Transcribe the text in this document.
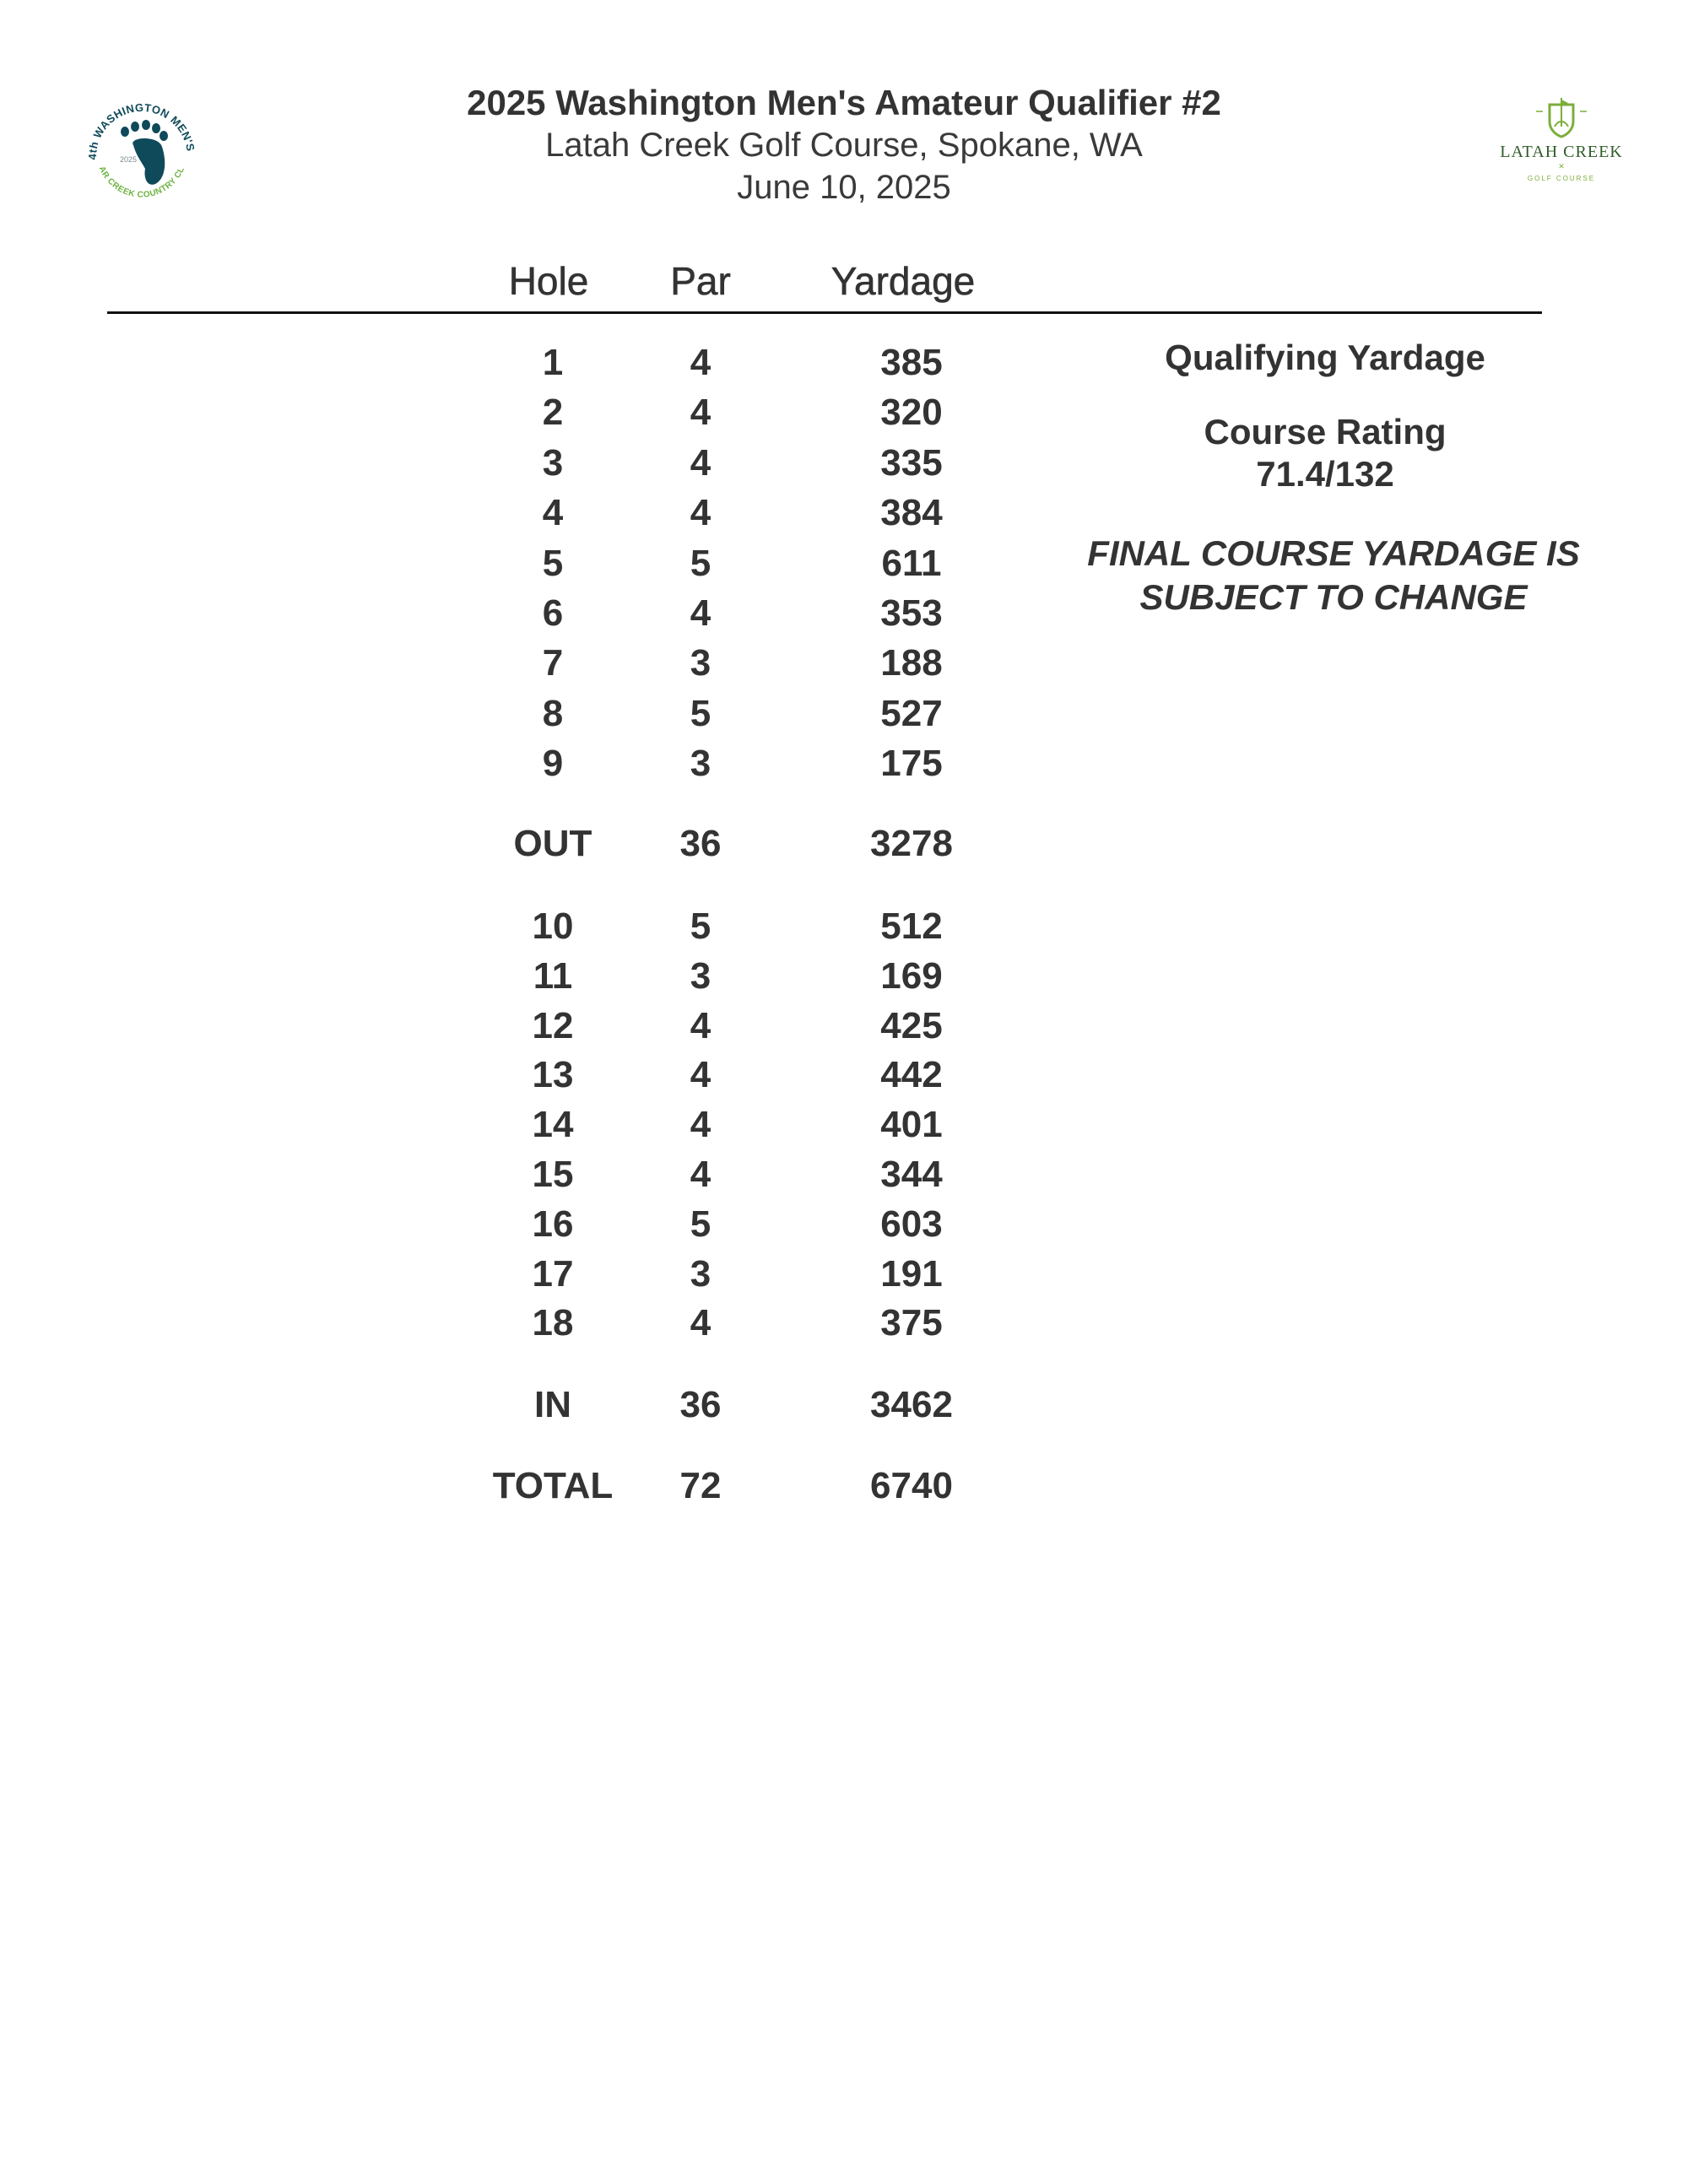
4th WASHINGTON MEN'S
AR CREEK COUNTRY CL
2025	LATAH CREEK
✕
GOLF COURSE
2025 Washington Men's Amateur Qualifier #2
Latah Creek Golf Course, Spokane, WA
June 10, 2025
Hole	Par	Yardage
1	4	385
2	4	320
3	4	335
4	4	384
5	5	611
6	4	353
7	3	188
8	5	527
9	3	175
OUT	36	3278
10	5	512
11	3	169
12	4	425
13	4	442
14	4	401
15	4	344
16	5	603
17	3	191
18	4	375
IN	36	3462
TOTAL	72	6740
Qualifying Yardage
Course Rating
71.4/132
FINAL COURSE YARDAGE IS
SUBJECT TO CHANGE
